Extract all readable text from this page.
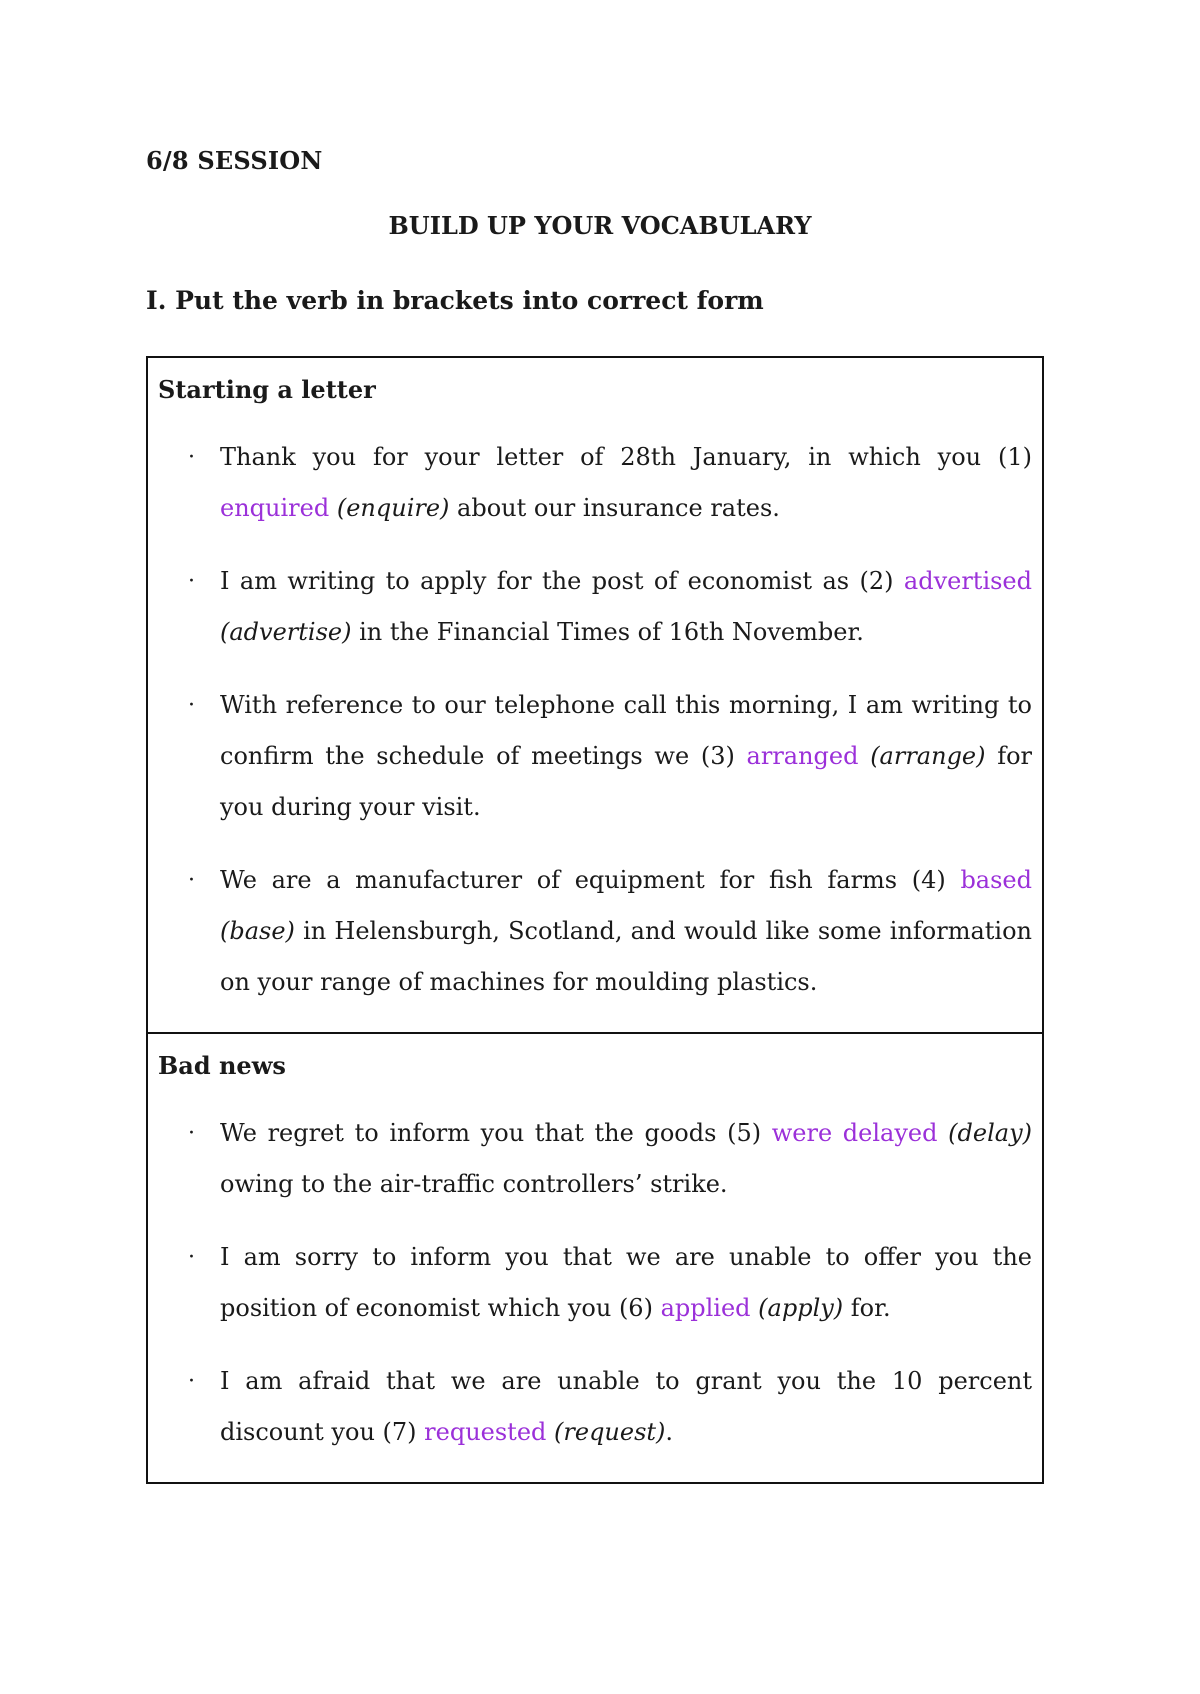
6/8 SESSION
BUILD UP YOUR VOCABULARY
I. Put the verb in brackets into correct form
Starting a letter
· Thank you for your letter of 28th January, in which you (1) enquired (enquire) about our insurance rates.
· I am writing to apply for the post of economist as (2) advertised (advertise) in the Financial Times of 16th November.
· With reference to our telephone call this morning, I am writing to confirm the schedule of meetings we (3) arranged (arrange) for you during your visit.
· We are a manufacturer of equipment for fish farms (4) based (base) in Helensburgh, Scotland, and would like some information on your range of machines for moulding plastics.
Bad news
· We regret to inform you that the goods (5) were delayed (delay) owing to the air-traffic controllers’ strike.
· I am sorry to inform you that we are unable to offer you the position of economist which you (6) applied (apply) for.
· I am afraid that we are unable to grant you the 10 percent discount you (7) requested (request).
